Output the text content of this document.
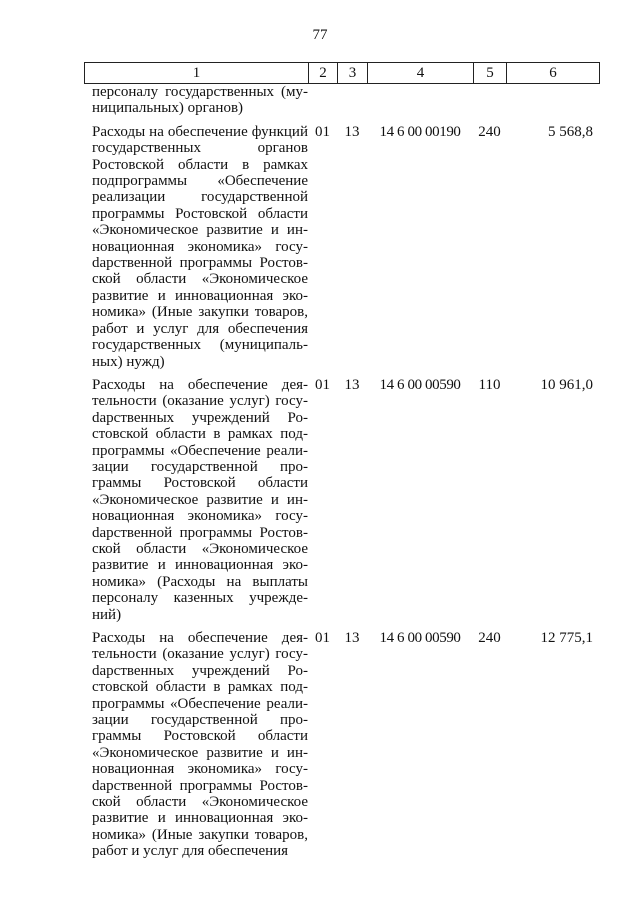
77
1	2	3	4	5	6
персоналу государственных (муниципальных) органов)					
Расходы на обеспечение функций государственных органов Ростовской области в рамках подпрограммы «Обеспечение реализации государственной программы Ростовской области «Экономическое развитие и инновационная экономика» госуdарственной программы Ростовской области «Экономическое развитие и инновационная экономика» (Иные закупки товаров, работ и услуг для обеспечения государственных (муниципальных) нужд)	01	13	14 6 00 00190	240	5 568,8
Расходы на обеспечение деятельности (оказание услуг) госуdарственных учреждений Ростовской области в рамках подпрограммы «Обеспечение реализации государственной программы Ростовской области «Экономическое развитие и инновационная экономика» госуdарственной программы Ростовской области «Экономическое развитие и инновационная экономика» (Расходы на выплаты персоналу казенных учреждений)	01	13	14 6 00 00590	110	10 961,0
Расходы на обеспечение деятельности (оказание услуг) госуdарственных учреждений Ростовской области в рамках подпрограммы «Обеспечение реализации государственной программы Ростовской области «Экономическое развитие и инновационная экономика» госуdарственной программы Ростовской области «Экономическое развитие и инновационная экономика» (Иные закупки товаров, работ и услуг для обеспечения	01	13	14 6 00 00590	240	12 775,1
